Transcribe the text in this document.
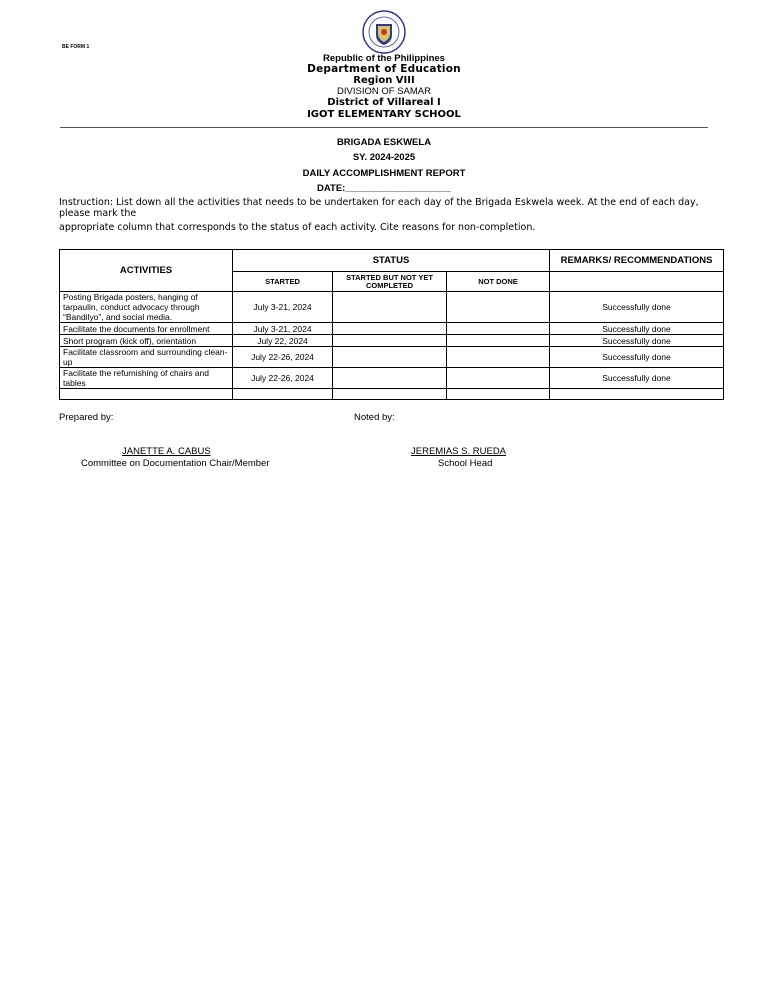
BE FORM 1
Republic of the Philippines
Department of Education
Region VIII
DIVISION OF SAMAR
District of Villareal I
IGOT ELEMENTARY SCHOOL
BRIGADA ESKWELA
SY. 2024-2025
DAILY ACCOMPLISHMENT REPORT
DATE:____________________
Instruction: List down all the activities that needs to be undertaken for each day of the Brigada Eskwela week. At the end of each day, please mark the
appropriate column that corresponds to the status of each activity. Cite reasons for non-completion.
ACTIVITIES	STATUS			REMARKS/ RECOMMENDATIONS
	STARTED	STARTED BUT NOT YET COMPLETED	NOT DONE	
Posting Brigada posters, hanging of tarpaulin, conduct advocacy through “Bandilyo”, and social media.	July 3-21, 2024			Successfully done
Facilitate the documents for enrollment	July 3-21, 2024			Successfully done
Short program (kick off), orientation	July 22, 2024			Successfully done
Facilitate classroom and surrounding clean-up	July 22-26, 2024			Successfully done
Facilitate the refurnishing of chairs and tables	July 22-26, 2024			Successfully done

Prepared by:	Noted by:
JANETTE A. CABUS
Committee on Documentation Chair/Member
JEREMIAS S. RUEDA
School Head
